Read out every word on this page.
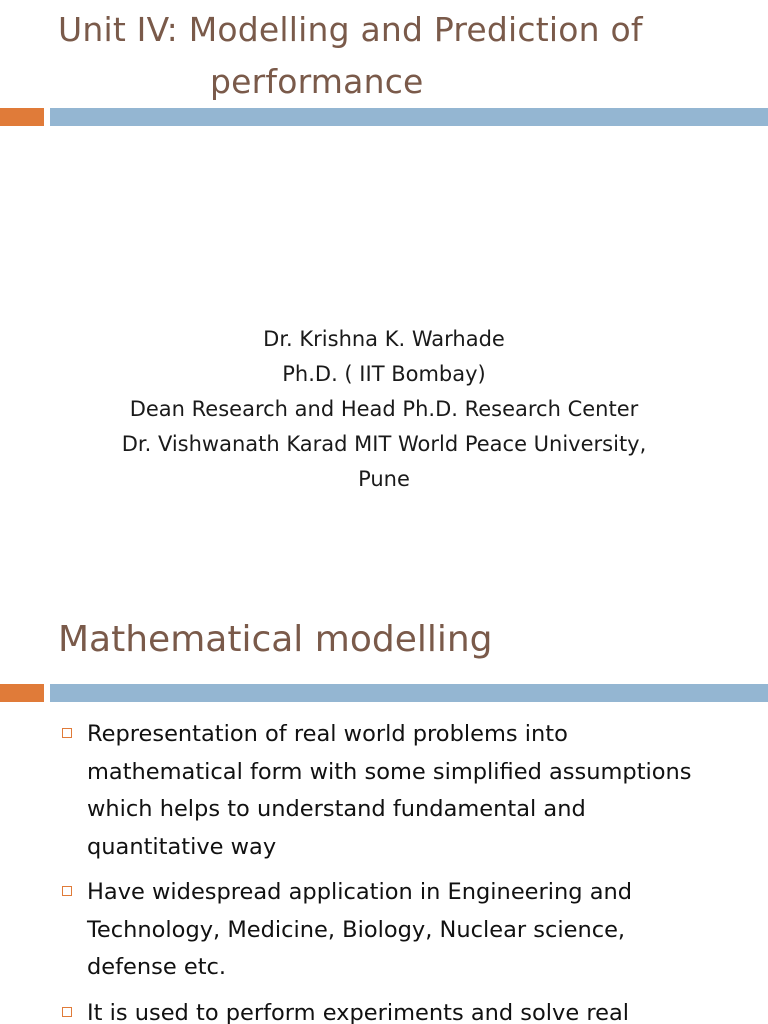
Unit IV: Modelling and Prediction of
performance
Dr. Krishna K. Warhade
Ph.D. ( IIT Bombay)
Dean Research and Head Ph.D. Research Center
Dr. Vishwanath Karad MIT World Peace University,
Pune
Mathematical modelling
Representation of real world problems into
mathematical form with some simplified assumptions
which helps to understand fundamental and
quantitative way
Have widespread application in Engineering and
Technology, Medicine, Biology, Nuclear science,
defense etc.
It is used to perform experiments and solve real
